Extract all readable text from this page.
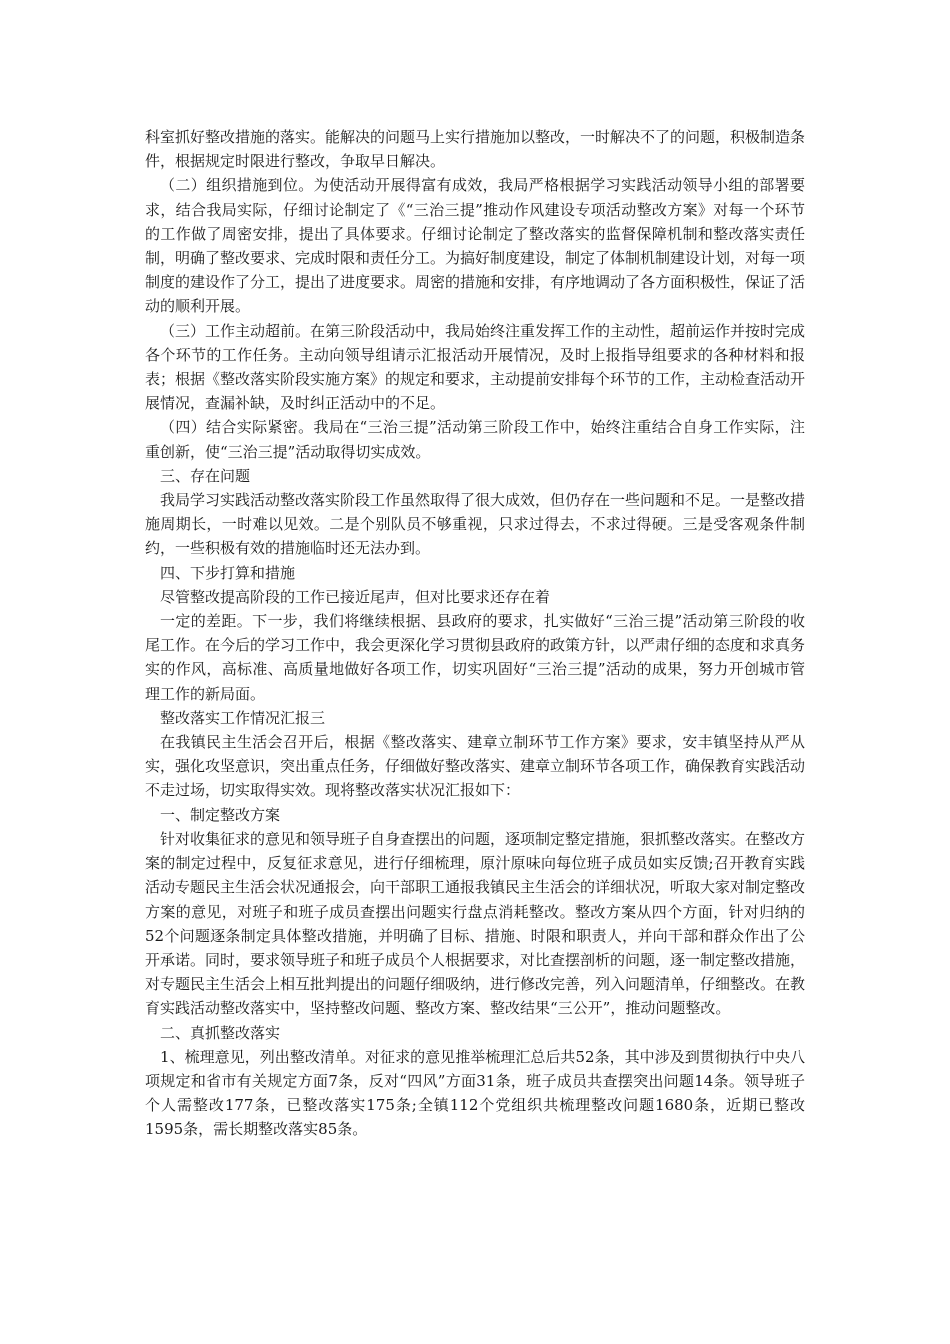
科室抓好整改措施的落实。能解决的问题马上实行措施加以整改，一时解决不了的问题，积极制造条件，根据规定时限进行整改，争取早日解决。

（二）组织措施到位。为使活动开展得富有成效，我局严格根据学习实践活动领导小组的部署要求，结合我局实际，仔细讨论制定了《“三治三提”推动作风建设专项活动整改方案》对每一个环节的工作做了周密安排，提出了具体要求。仔细讨论制定了整改落实的监督保障机制和整改落实责任制，明确了整改要求、完成时限和责任分工。为搞好制度建设，制定了体制机制建设计划，对每一项制度的建设作了分工，提出了进度要求。周密的措施和安排，有序地调动了各方面积极性，保证了活动的顺利开展。

（三）工作主动超前。在第三阶段活动中，我局始终注重发挥工作的主动性，超前运作并按时完成各个环节的工作任务。主动向领导组请示汇报活动开展情况，及时上报指导组要求的各种材料和报表；根据《整改落实阶段实施方案》的规定和要求，主动提前安排每个环节的工作，主动检查活动开展情况，查漏补缺，及时纠正活动中的不足。

（四）结合实际紧密。我局在“三治三提”活动第三阶段工作中，始终注重结合自身工作实际，注重创新，使“三治三提”活动取得切实成效。

三、存在问题

我局学习实践活动整改落实阶段工作虽然取得了很大成效，但仍存在一些问题和不足。一是整改措施周期长，一时难以见效。二是个别队员不够重视，只求过得去，不求过得硬。三是受客观条件制约，一些积极有效的措施临时还无法办到。

四、下步打算和措施

尽管整改提高阶段的工作已接近尾声，但对比要求还存在着

一定的差距。下一步，我们将继续根据、县政府的要求，扎实做好“三治三提”活动第三阶段的收尾工作。在今后的学习工作中，我会更深化学习贯彻县政府的政策方针，以严肃仔细的态度和求真务实的作风，高标准、高质量地做好各项工作，切实巩固好“三治三提”活动的成果，努力开创城市管理工作的新局面。

整改落实工作情况汇报三

在我镇民主生活会召开后，根据《整改落实、建章立制环节工作方案》要求，安丰镇坚持从严从实，强化攻坚意识，突出重点任务，仔细做好整改落实、建章立制环节各项工作，确保教育实践活动不走过场，切实取得实效。现将整改落实状况汇报如下：

一、制定整改方案

针对收集征求的意见和领导班子自身查摆出的问题，逐项制定整定措施，狠抓整改落实。在整改方案的制定过程中，反复征求意见，进行仔细梳理，原汁原味向每位班子成员如实反馈;召开教育实践活动专题民主生活会状况通报会，向干部职工通报我镇民主生活会的详细状况，听取大家对制定整改方案的意见，对班子和班子成员查摆出问题实行盘点消耗整改。整改方案从四个方面，针对归纳的52个问题逐条制定具体整改措施，并明确了目标、措施、时限和职责人，并向干部和群众作出了公开承诺。同时，要求领导班子和班子成员个人根据要求，对比查摆剖析的问题，逐一制定整改措施，对专题民主生活会上相互批判提出的问题仔细吸纳，进行修改完善，列入问题清单，仔细整改。在教育实践活动整改落实中，坚持整改问题、整改方案、整改结果“三公开”，推动问题整改。

二、真抓整改落实

1、梳理意见，列出整改清单。对征求的意见推举梳理汇总后共52条，其中涉及到贯彻执行中央八项规定和省市有关规定方面7条，反对“四风”方面31条，班子成员共查摆突出问题14条。领导班子个人需整改177条，已整改落实175条;全镇112个党组织共梳理整改问题1680条，近期已整改1595条，需长期整改落实85条。
